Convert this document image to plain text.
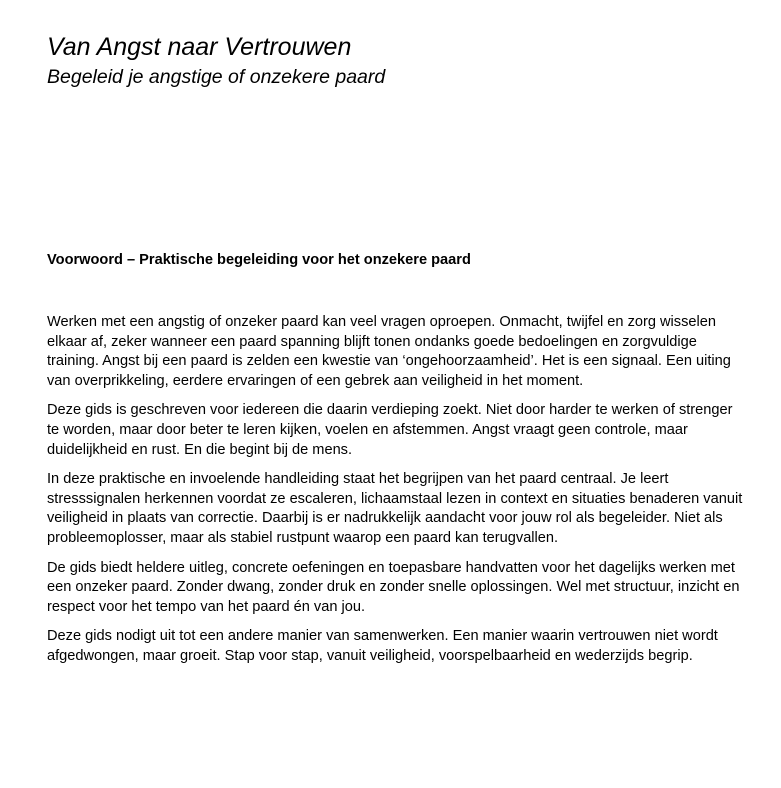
Van Angst naar Vertrouwen
Begeleid je angstige of onzekere paard
Voorwoord – Praktische begeleiding voor het onzekere paard

Werken met een angstig of onzeker paard kan veel vragen oproepen. Onmacht, twijfel en zorg wisselen elkaar af, zeker wanneer een paard spanning blijft tonen ondanks goede bedoelingen en zorgvuldige training. Angst bij een paard is zelden een kwestie van ‘ongehoorzaamheid’. Het is een signaal. Een uiting van overprikkeling, eerdere ervaringen of een gebrek aan veiligheid in het moment.

Deze gids is geschreven voor iedereen die daarin verdieping zoekt. Niet door harder te werken of strenger te worden, maar door beter te leren kijken, voelen en afstemmen. Angst vraagt geen controle, maar duidelijkheid en rust. En die begint bij de mens.

In deze praktische en invoelende handleiding staat het begrijpen van het paard centraal. Je leert stresssignalen herkennen voordat ze escaleren, lichaamstaal lezen in context en situaties benaderen vanuit veiligheid in plaats van correctie. Daarbij is er nadrukkelijk aandacht voor jouw rol als begeleider. Niet als probleemoplosser, maar als stabiel rustpunt waarop een paard kan terugvallen.

De gids biedt heldere uitleg, concrete oefeningen en toepasbare handvatten voor het dagelijks werken met een onzeker paard. Zonder dwang, zonder druk en zonder snelle oplossingen. Wel met structuur, inzicht en respect voor het tempo van het paard én van jou.

Deze gids nodigt uit tot een andere manier van samenwerken. Een manier waarin vertrouwen niet wordt afgedwongen, maar groeit. Stap voor stap, vanuit veiligheid, voorspelbaarheid en wederzijds begrip.
